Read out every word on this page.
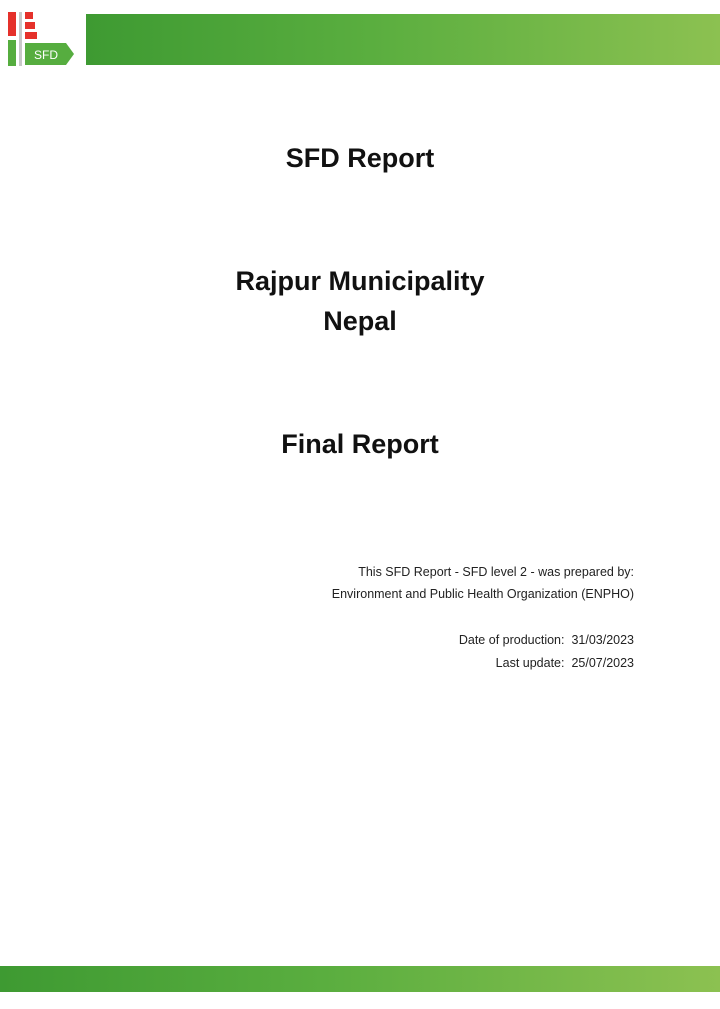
SFD
SFD Report
Rajpur Municipality
Nepal
Final Report
This SFD Report - SFD level 2 - was prepared by:
Environment and Public Health Organization (ENPHO)
Date of production: 31/03/2023
Last update: 25/07/2023
